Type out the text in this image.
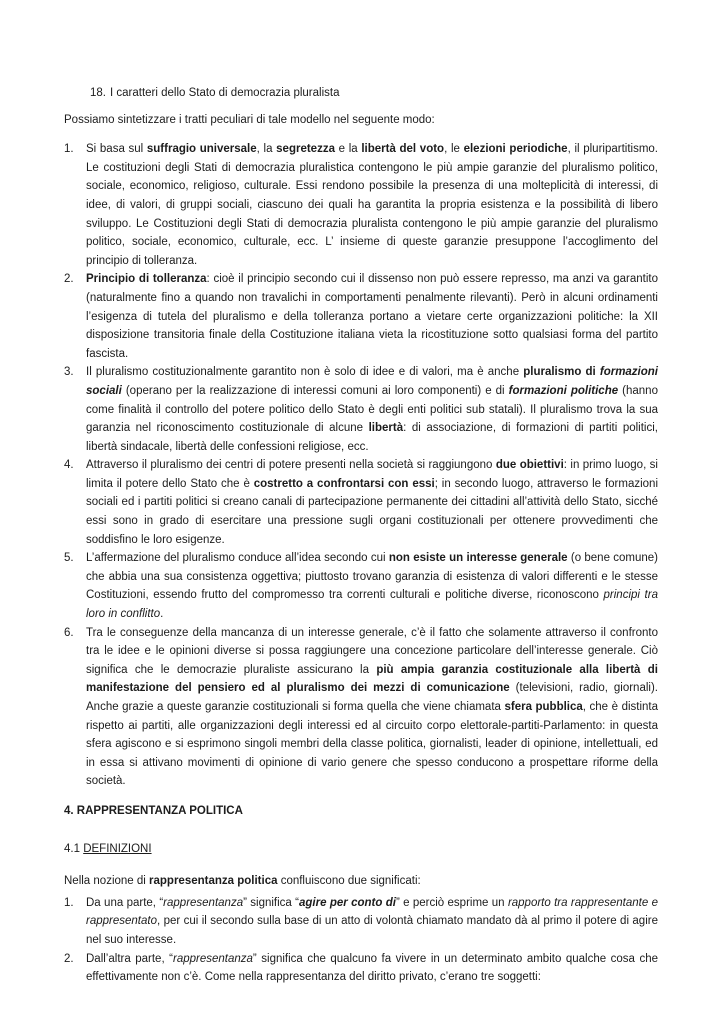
18. I caratteri dello Stato di democrazia pluralista

Possiamo sintetizzare i tratti peculiari di tale modello nel seguente modo:

1.	Si basa sul suffragio universale, la segretezza e la libertà del voto, le elezioni periodiche, il pluripartitismo. Le costituzioni degli Stati di democrazia pluralistica contengono le più ampie garanzie del pluralismo politico, sociale, economico, religioso, culturale. Essi rendono possibile la presenza di una molteplicità di interessi, di idee, di valori, di gruppi sociali, ciascuno dei quali ha garantita la propria esistenza e la possibilità di libero sviluppo. Le Costituzioni degli Stati di democrazia pluralista contengono le più ampie garanzie del pluralismo politico, sociale, economico, culturale, ecc. L’ insieme di queste garanzie presuppone l’accoglimento del principio di tolleranza.
2.	Principio di tolleranza: cioè il principio secondo cui il dissenso non può essere represso, ma anzi va garantito (naturalmente fino a quando non travalichi in comportamenti penalmente rilevanti). Però in alcuni ordinamenti l’esigenza di tutela del pluralismo e della tolleranza portano a vietare certe organizzazioni politiche: la XII disposizione transitoria finale della Costituzione italiana vieta la ricostituzione sotto qualsiasi forma del partito fascista.
3.	Il pluralismo costituzionalmente garantito non è solo di idee e di valori, ma è anche pluralismo di formazioni sociali (operano per la realizzazione di interessi comuni ai loro componenti) e di formazioni politiche (hanno come finalità il controllo del potere politico dello Stato è degli enti politici sub statali). Il pluralismo trova la sua garanzia nel riconoscimento costituzionale di alcune libertà: di associazione, di formazioni di partiti politici, libertà sindacale, libertà delle confessioni religiose, ecc.
4.	Attraverso il pluralismo dei centri di potere presenti nella società si raggiungono due obiettivi: in primo luogo, si limita il potere dello Stato che è costretto a confrontarsi con essi; in secondo luogo, attraverso le formazioni sociali ed i partiti politici si creano canali di partecipazione permanente dei cittadini all’attività dello Stato, sicché essi sono in grado di esercitare una pressione sugli organi costituzionali per ottenere provvedimenti che soddisfino le loro esigenze.
5.	L’affermazione del pluralismo conduce all’idea secondo cui non esiste un interesse generale (o bene comune) che abbia una sua consistenza oggettiva; piuttosto trovano garanzia di esistenza di valori differenti e le stesse Costituzioni, essendo frutto del compromesso tra correnti culturali e politiche diverse, riconoscono principi tra loro in conflitto.
6.	Tra le conseguenze della mancanza di un interesse generale, c’è il fatto che solamente attraverso il confronto tra le idee e le opinioni diverse si possa raggiungere una concezione particolare dell’interesse generale. Ciò significa che le democrazie pluraliste assicurano la più ampia garanzia costituzionale alla libertà di manifestazione del pensiero ed al pluralismo dei mezzi di comunicazione (televisioni, radio, giornali). Anche grazie a queste garanzie costituzionali si forma quella che viene chiamata sfera pubblica, che è distinta rispetto ai partiti, alle organizzazioni degli interessi ed al circuito corpo elettorale-partiti-Parlamento: in questa sfera agiscono e si esprimono singoli membri della classe politica, giornalisti, leader di opinione, intellettuali, ed in essa si attivano movimenti di opinione di vario genere che spesso conducono a prospettare riforme della società.

4. RAPPRESENTANZA POLITICA

4.1 DEFINIZIONI

Nella nozione di rappresentanza politica confluiscono due significati:

1.	Da una parte, “rappresentanza” significa “agire per conto di” e perciò esprime un rapporto tra rappresentante e rappresentato, per cui il secondo sulla base di un atto di volontà chiamato mandato dà al primo il potere di agire nel suo interesse.
2.	Dall’altra parte, “rappresentanza” significa che qualcuno fa vivere in un determinato ambito qualche cosa che effettivamente non c’è. Come nella rappresentanza del diritto privato, c’erano tre soggetti:
